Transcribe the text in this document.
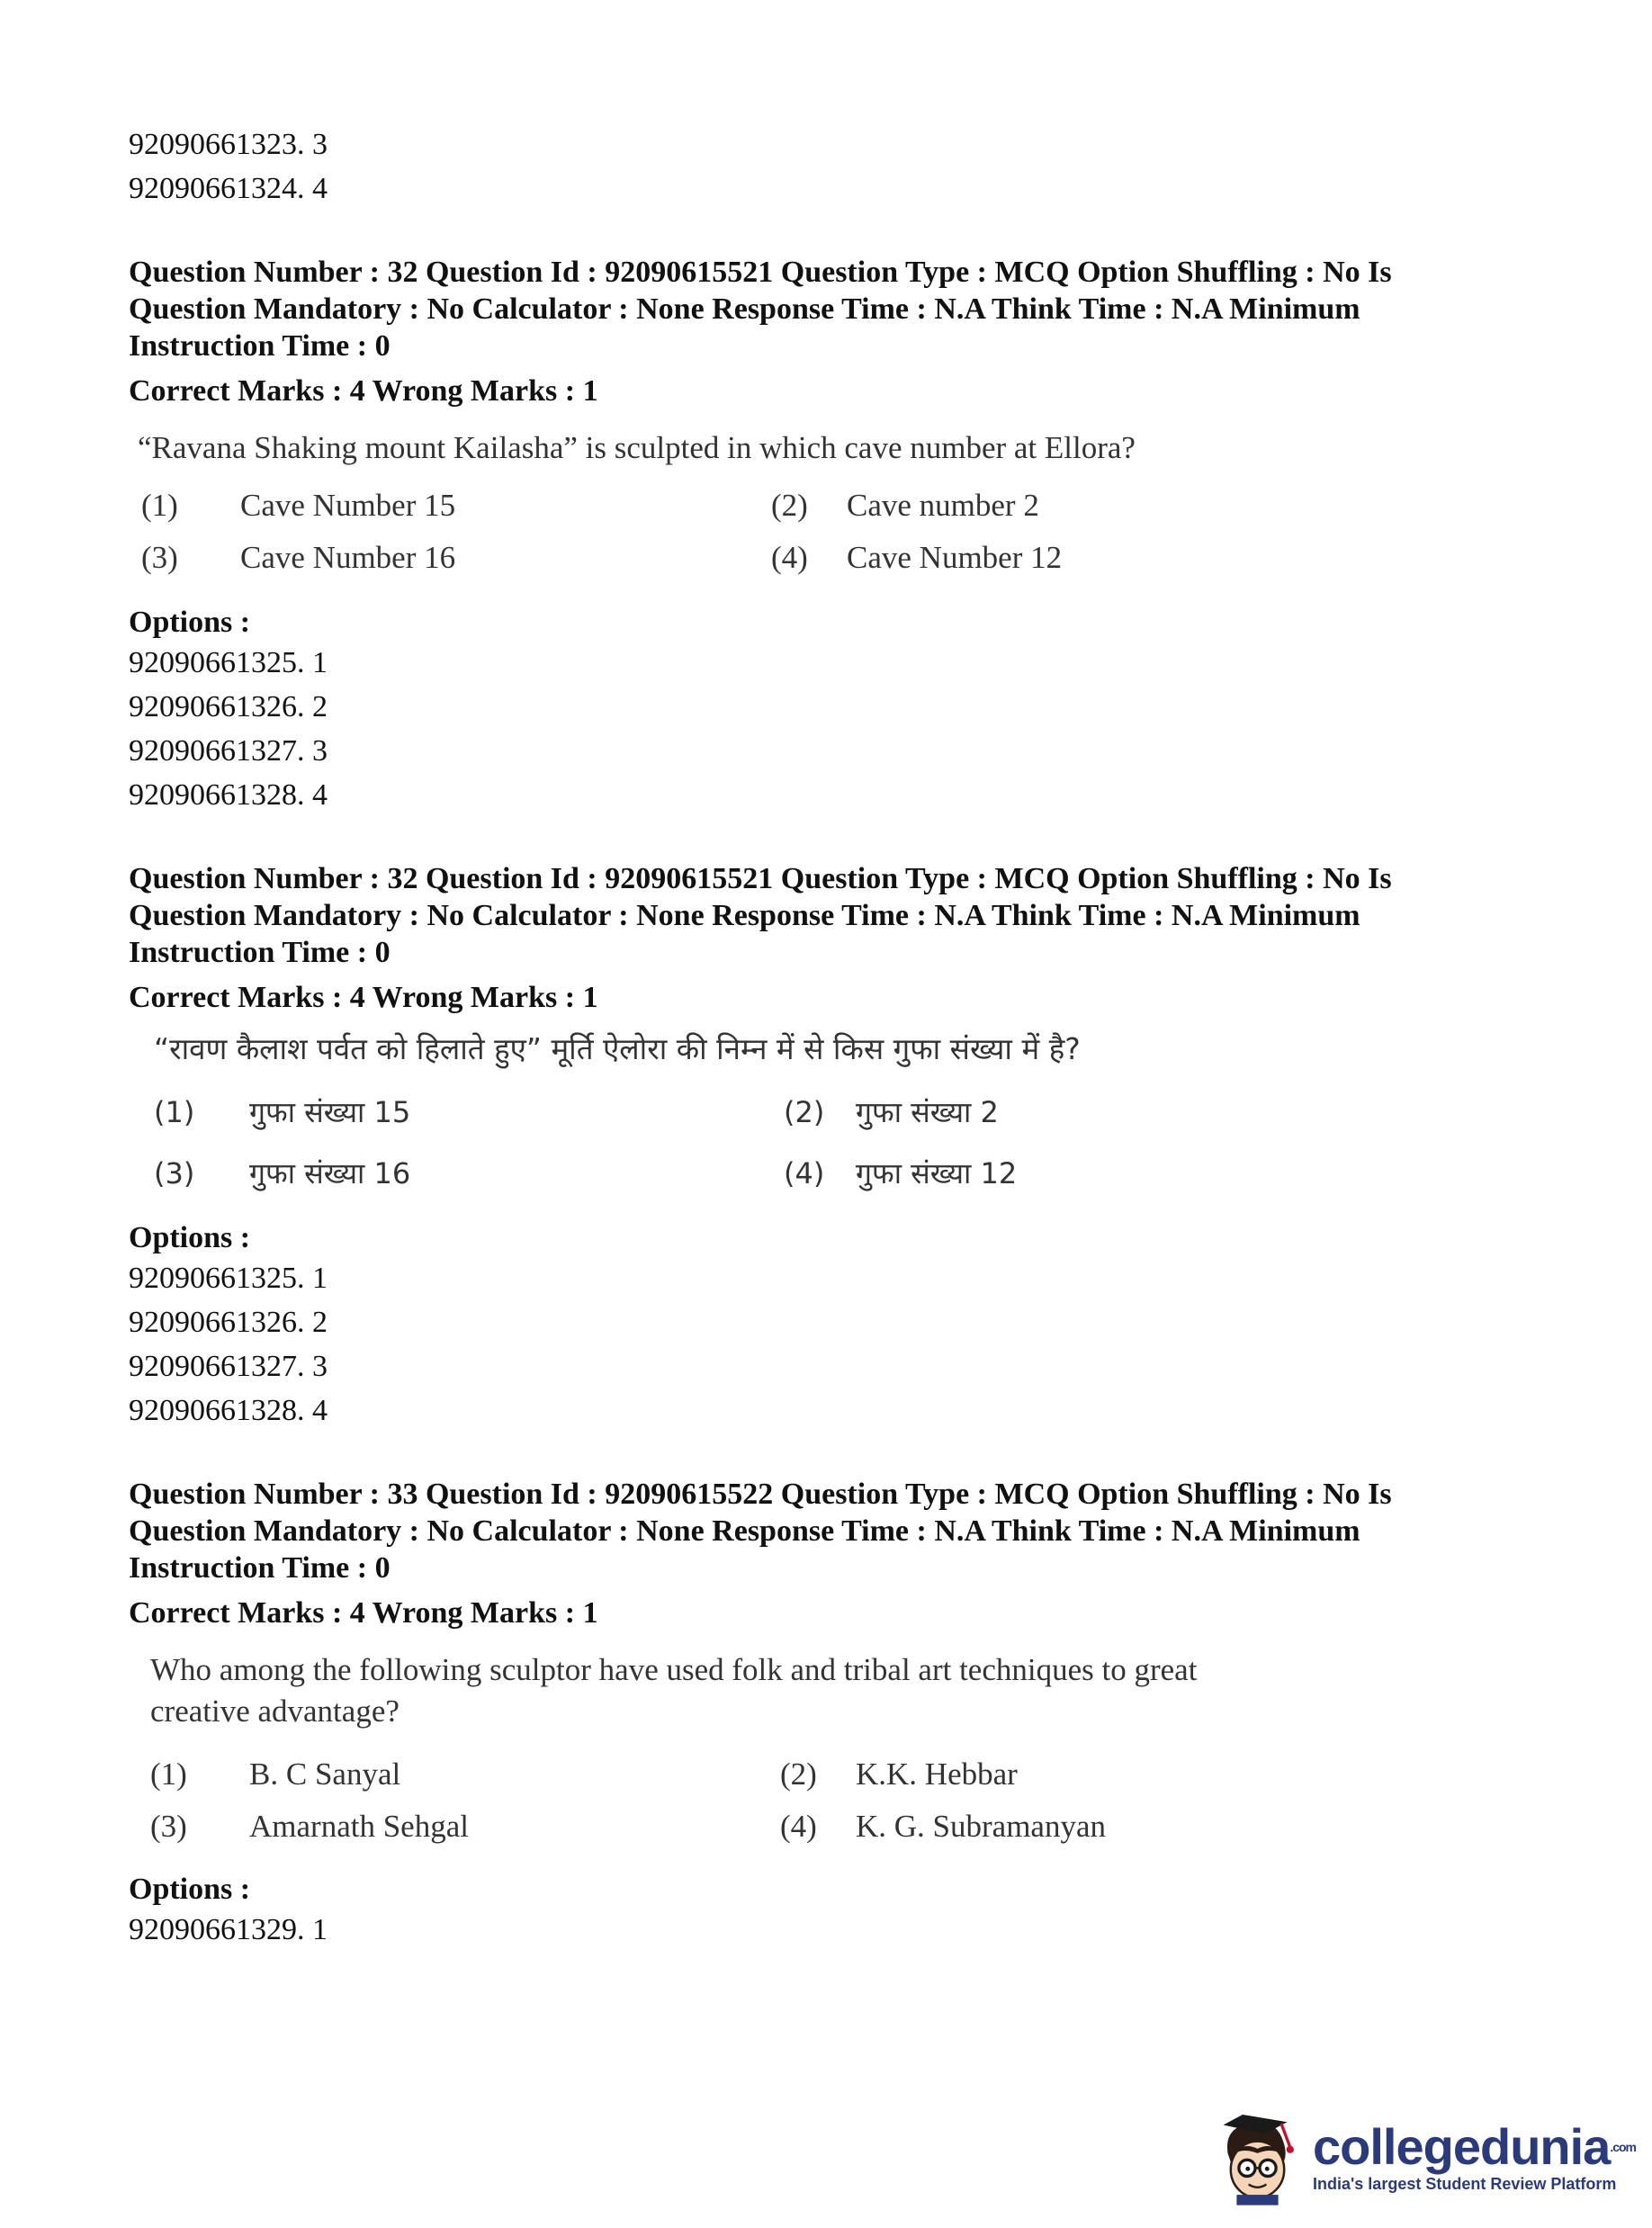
92090661323. 3

92090661324. 4

Question Number : 32 Question Id : 92090615521 Question Type : MCQ Option Shuffling : No Is

Question Mandatory : No Calculator : None Response Time : N.A Think Time : N.A Minimum

Instruction Time : 0

Correct Marks : 4 Wrong Marks : 1

“Ravana Shaking mount Kailasha” is sculpted in which cave number at Ellora?

(1)	Cave Number 15	(2)	Cave number 2
(3)	Cave Number 16	(4)	Cave Number 12

Options :

92090661325. 1

92090661326. 2

92090661327. 3

92090661328. 4

Question Number : 32 Question Id : 92090615521 Question Type : MCQ Option Shuffling : No Is

Question Mandatory : No Calculator : None Response Time : N.A Think Time : N.A Minimum

Instruction Time : 0

Correct Marks : 4 Wrong Marks : 1

“रावण कैलाश पर्वत को हिलाते हुए” मूर्ति ऐलोरा की निम्न में से किस गुफा संख्या में है?

(1)	गुफा संख्या 15	(2)	गुफा संख्या 2
(3)	गुफा संख्या 16	(4)	गुफा संख्या 12

Options :

92090661325. 1

92090661326. 2

92090661327. 3

92090661328. 4

Question Number : 33 Question Id : 92090615522 Question Type : MCQ Option Shuffling : No Is

Question Mandatory : No Calculator : None Response Time : N.A Think Time : N.A Minimum

Instruction Time : 0

Correct Marks : 4 Wrong Marks : 1

Who among the following sculptor have used folk and tribal art techniques to great

creative advantage?

(1)	B. C Sanyal	(2)	K.K. Hebbar
(3)	Amarnath Sehgal	(4)	K. G. Subramanyan

Options :

92090661329. 1

collegedunia$^{.com}$
India's largest Student Review Platform
